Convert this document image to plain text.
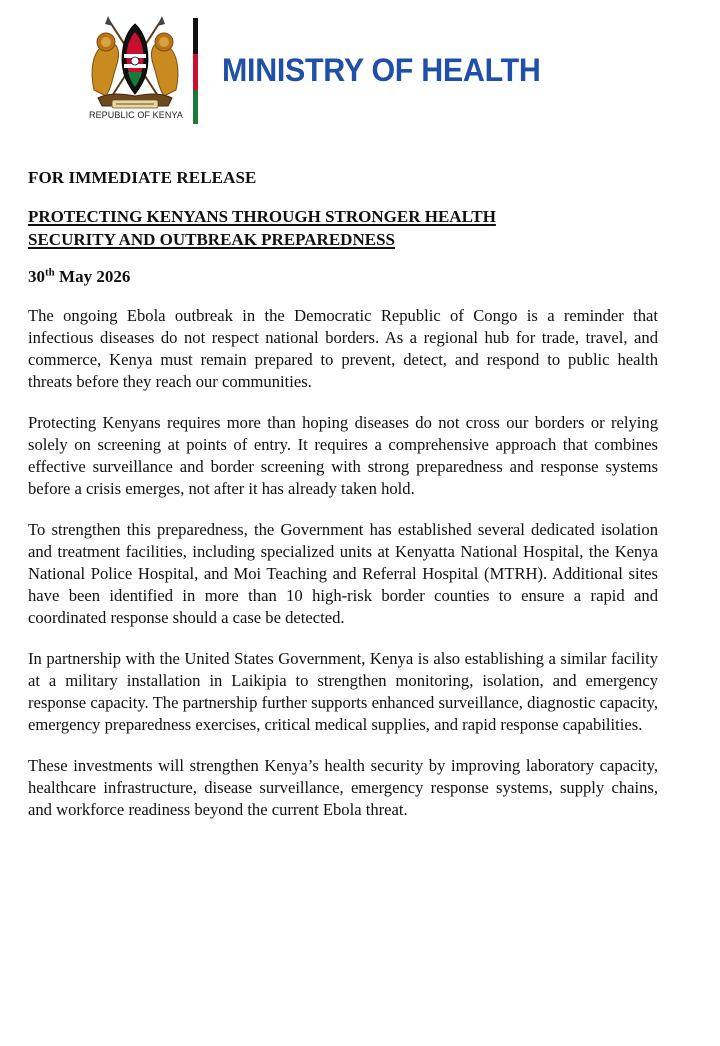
REPUBLIC OF KENYA
MINISTRY OF HEALTH
FOR IMMEDIATE RELEASE
PROTECTING KENYANS THROUGH STRONGER HEALTH
SECURITY AND OUTBREAK PREPAREDNESS
30th May 2026

The ongoing Ebola outbreak in the Democratic Republic of Congo is a reminder that infectious diseases do not respect national borders. As a regional hub for trade, travel, and commerce, Kenya must remain prepared to prevent, detect, and respond to public health threats before they reach our communities.

Protecting Kenyans requires more than hoping diseases do not cross our borders or relying solely on screening at points of entry. It requires a comprehensive approach that combines effective surveillance and border screening with strong preparedness and response systems before a crisis emerges, not after it has already taken hold.

To strengthen this preparedness, the Government has established several dedicated isolation and treatment facilities, including specialized units at Kenyatta National Hospital, the Kenya National Police Hospital, and Moi Teaching and Referral Hospital (MTRH). Additional sites have been identified in more than 10 high-risk border counties to ensure a rapid and coordinated response should a case be detected.

In partnership with the United States Government, Kenya is also establishing a similar facility at a military installation in Laikipia to strengthen monitoring, isolation, and emergency response capacity. The partnership further supports enhanced surveillance, diagnostic capacity, emergency preparedness exercises, critical medical supplies, and rapid response capabilities.

These investments will strengthen Kenya’s health security by improving laboratory capacity, healthcare infrastructure, disease surveillance, emergency response systems, supply chains, and workforce readiness beyond the current Ebola threat.
